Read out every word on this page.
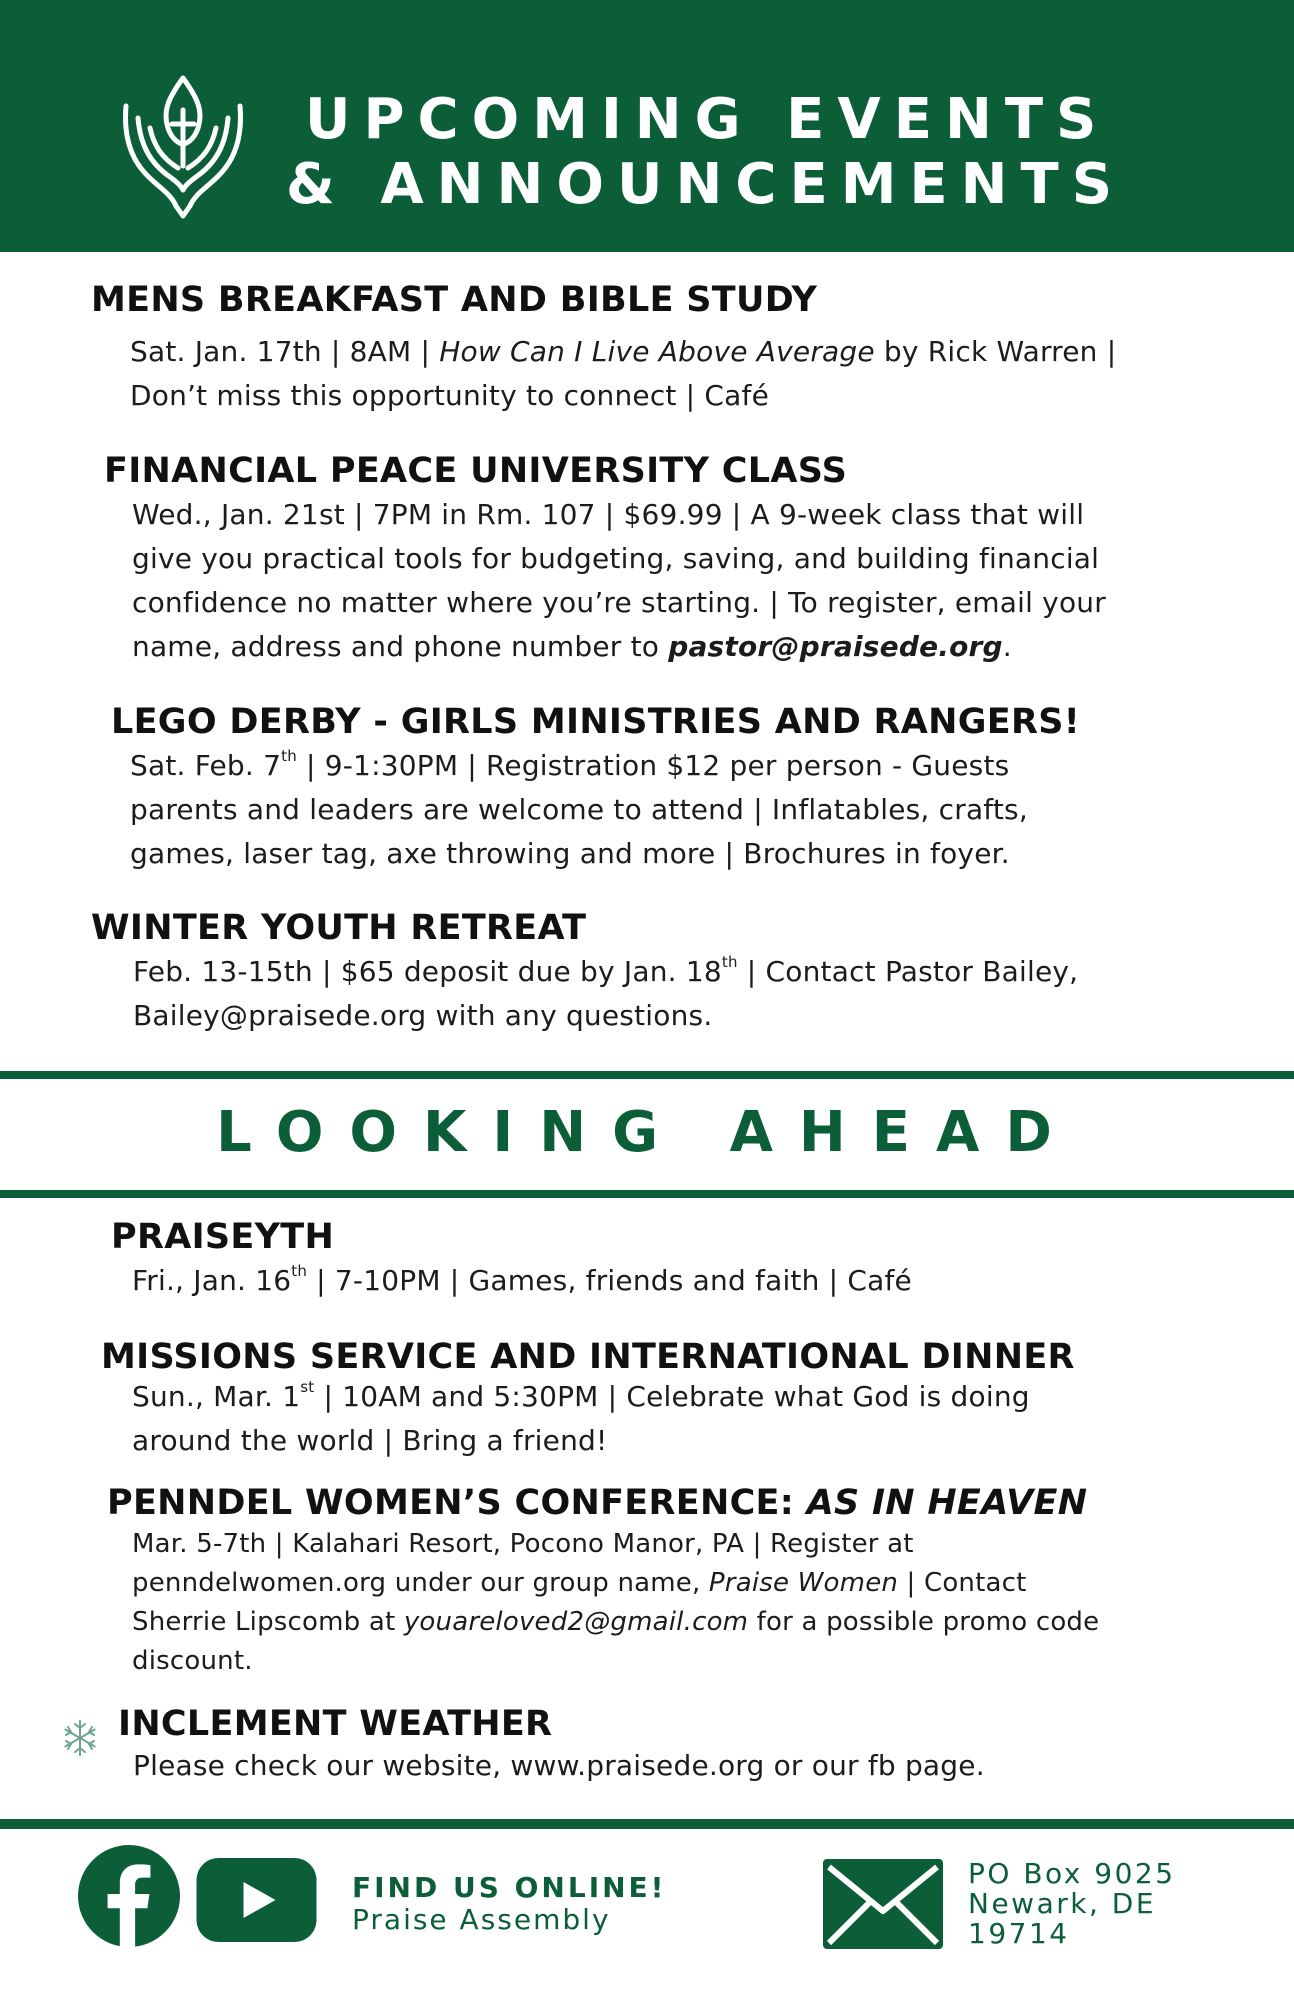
UPCOMING EVENTS
& ANNOUNCEMENTS
MENS BREAKFAST AND BIBLE STUDY
Sat. Jan. 17th | 8AM | How Can I Live Above Average by Rick Warren |
Don’t miss this opportunity to connect | Café
FINANCIAL PEACE UNIVERSITY CLASS
Wed., Jan. 21st | 7PM in Rm. 107 | $69.99 | A 9-week class that will
give you practical tools for budgeting, saving, and building financial
confidence no matter where you’re starting. | To register, email your
name, address and phone number to pastor@praisede.org.
LEGO DERBY - GIRLS MINISTRIES AND RANGERS!
Sat. Feb. 7th | 9-1:30PM | Registration $12 per person - Guests
parents and leaders are welcome to attend | Inflatables, crafts,
games, laser tag, axe throwing and more | Brochures in foyer.
WINTER YOUTH RETREAT
Feb. 13-15th | $65 deposit due by Jan. 18th | Contact Pastor Bailey,
Bailey@praisede.org with any questions.
LOOKING AHEAD
PRAISEYTH
Fri., Jan. 16th | 7-10PM | Games, friends and faith | Café
MISSIONS SERVICE AND INTERNATIONAL DINNER
Sun., Mar. 1st | 10AM and 5:30PM | Celebrate what God is doing
around the world | Bring a friend!
PENNDEL WOMEN’S CONFERENCE: AS IN HEAVEN
Mar. 5-7th | Kalahari Resort, Pocono Manor, PA | Register at
penndelwomen.org under our group name, Praise Women | Contact
Sherrie Lipscomb at youareloved2@gmail.com for a possible promo code
discount.
INCLEMENT WEATHER
Please check our website, www.praisede.org or our fb page.
FIND US ONLINE!
Praise Assembly
PO Box 9025
Newark, DE
19714
